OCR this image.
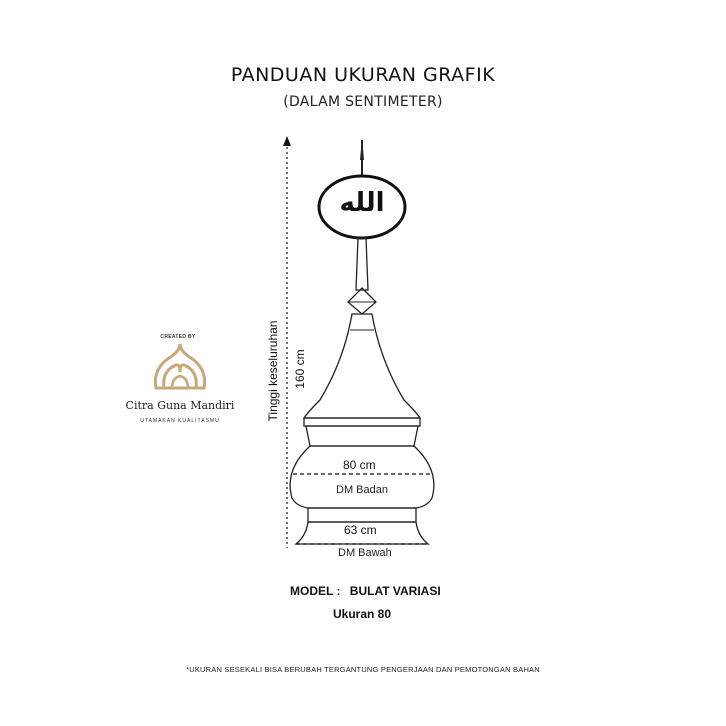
PANDUAN UKURAN GRAFIK
(DALAM SENTIMETER)
Tinggi keseluruhan 160 cm
الله
80 cm
DM Badan
63 cm
DM Bawah
CREATED BY
Citra Guna Mandiri
UTAMAKAN KUALITASMU
MODEL : BULAT VARIASI
Ukuran 80
*UKURAN SESEKALI BISA BERUBAH TERGANTUNG PENGERJAAN DAN PEMOTONGAN BAHAN
